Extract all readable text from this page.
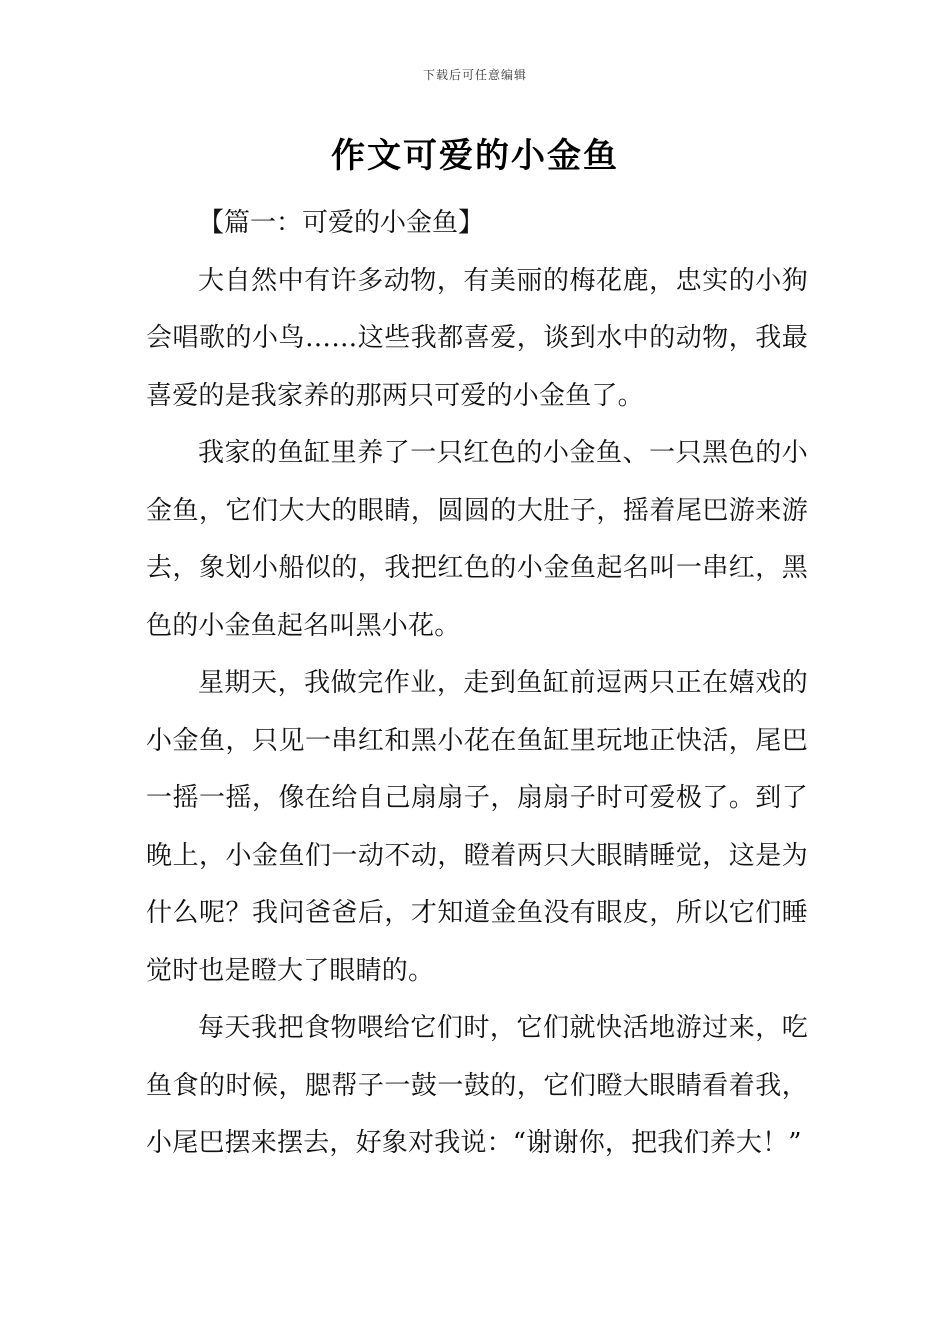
下载后可任意编辑
作文可爱的小金鱼

【篇一：可爱的小金鱼】

大自然中有许多动物，有美丽的梅花鹿，忠实的小狗会唱歌的小鸟……这些我都喜爱，谈到水中的动物，我最喜爱的是我家养的那两只可爱的小金鱼了。

我家的鱼缸里养了一只红色的小金鱼、一只黑色的小金鱼，它们大大的眼睛，圆圆的大肚子，摇着尾巴游来游去，象划小船似的，我把红色的小金鱼起名叫一串红，黑色的小金鱼起名叫黑小花。

星期天，我做完作业，走到鱼缸前逗两只正在嬉戏的小金鱼，只见一串红和黑小花在鱼缸里玩地正快活，尾巴一摇一摇，像在给自己扇扇子，扇扇子时可爱极了。到了晚上，小金鱼们一动不动，瞪着两只大眼睛睡觉，这是为什么呢？我问爸爸后，才知道金鱼没有眼皮，所以它们睡觉时也是瞪大了眼睛的。

每天我把食物喂给它们时，它们就快活地游过来，吃鱼食的时候，腮帮子一鼓一鼓的，它们瞪大眼睛看着我，小尾巴摆来摆去，好象对我说：“谢谢你，把我们养大！”
